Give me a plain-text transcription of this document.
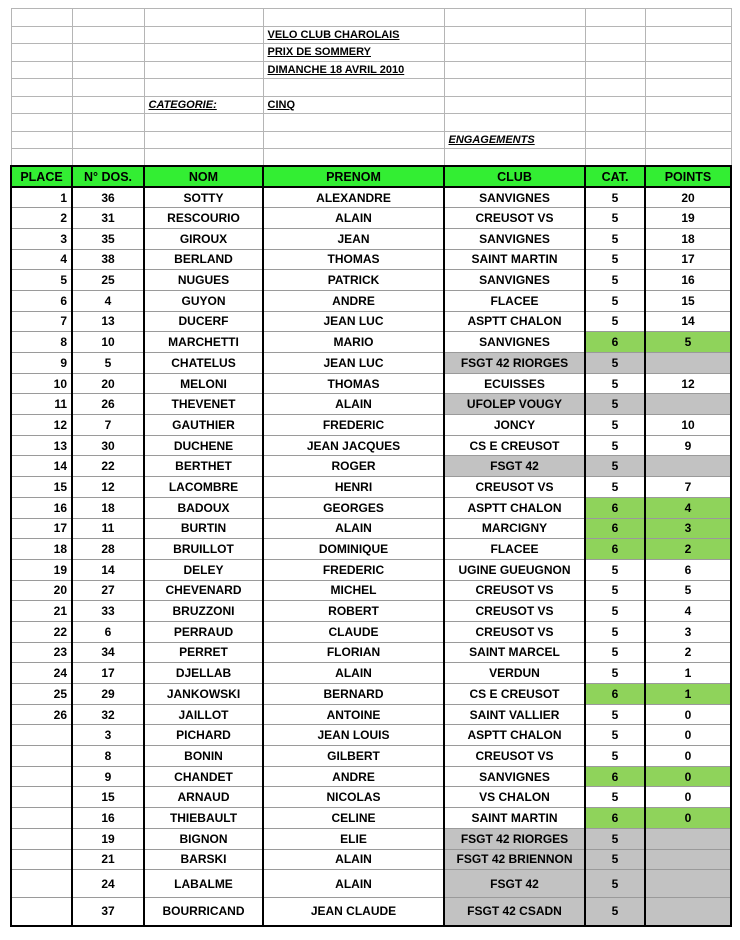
			VELO CLUB CHAROLAIS			
			PRIX DE SOMMERY			
			DIMANCHE 18 AVRIL 2010			

		CATEGORIE:	CINQ			

				ENGAGEMENTS		

PLACE	N° DOS.	NOM	PRENOM	CLUB	CAT.	POINTS
1	36	SOTTY	ALEXANDRE	SANVIGNES	5	20
2	31	RESCOURIO	ALAIN	CREUSOT VS	5	19
3	35	GIROUX	JEAN	SANVIGNES	5	18
4	38	BERLAND	THOMAS	SAINT MARTIN	5	17
5	25	NUGUES	PATRICK	SANVIGNES	5	16
6	4	GUYON	ANDRE	FLACEE	5	15
7	13	DUCERF	JEAN LUC	ASPTT CHALON	5	14
8	10	MARCHETTI	MARIO	SANVIGNES	6	5
9	5	CHATELUS	JEAN LUC	FSGT 42 RIORGES	5	
10	20	MELONI	THOMAS	ECUISSES	5	12
11	26	THEVENET	ALAIN	UFOLEP VOUGY	5	
12	7	GAUTHIER	FREDERIC	JONCY	5	10
13	30	DUCHENE	JEAN JACQUES	CS E CREUSOT	5	9
14	22	BERTHET	ROGER	FSGT 42	5	
15	12	LACOMBRE	HENRI	CREUSOT VS	5	7
16	18	BADOUX	GEORGES	ASPTT CHALON	6	4
17	11	BURTIN	ALAIN	MARCIGNY	6	3
18	28	BRUILLOT	DOMINIQUE	FLACEE	6	2
19	14	DELEY	FREDERIC	UGINE GUEUGNON	5	6
20	27	CHEVENARD	MICHEL	CREUSOT VS	5	5
21	33	BRUZZONI	ROBERT	CREUSOT VS	5	4
22	6	PERRAUD	CLAUDE	CREUSOT VS	5	3
23	34	PERRET	FLORIAN	SAINT MARCEL	5	2
24	17	DJELLAB	ALAIN	VERDUN	5	1
25	29	JANKOWSKI	BERNARD	CS E CREUSOT	6	1
26	32	JAILLOT	ANTOINE	SAINT VALLIER	5	0
	3	PICHARD	JEAN LOUIS	ASPTT CHALON	5	0
	8	BONIN	GILBERT	CREUSOT VS	5	0
	9	CHANDET	ANDRE	SANVIGNES	6	0
	15	ARNAUD	NICOLAS	VS CHALON	5	0
	16	THIEBAULT	CELINE	SAINT MARTIN	6	0
	19	BIGNON	ELIE	FSGT 42 RIORGES	5	
	21	BARSKI	ALAIN	FSGT 42 BRIENNON	5	
	24	LABALME	ALAIN	FSGT 42	5	
	37	BOURRICAND	JEAN CLAUDE	FSGT 42 CSADN	5	
